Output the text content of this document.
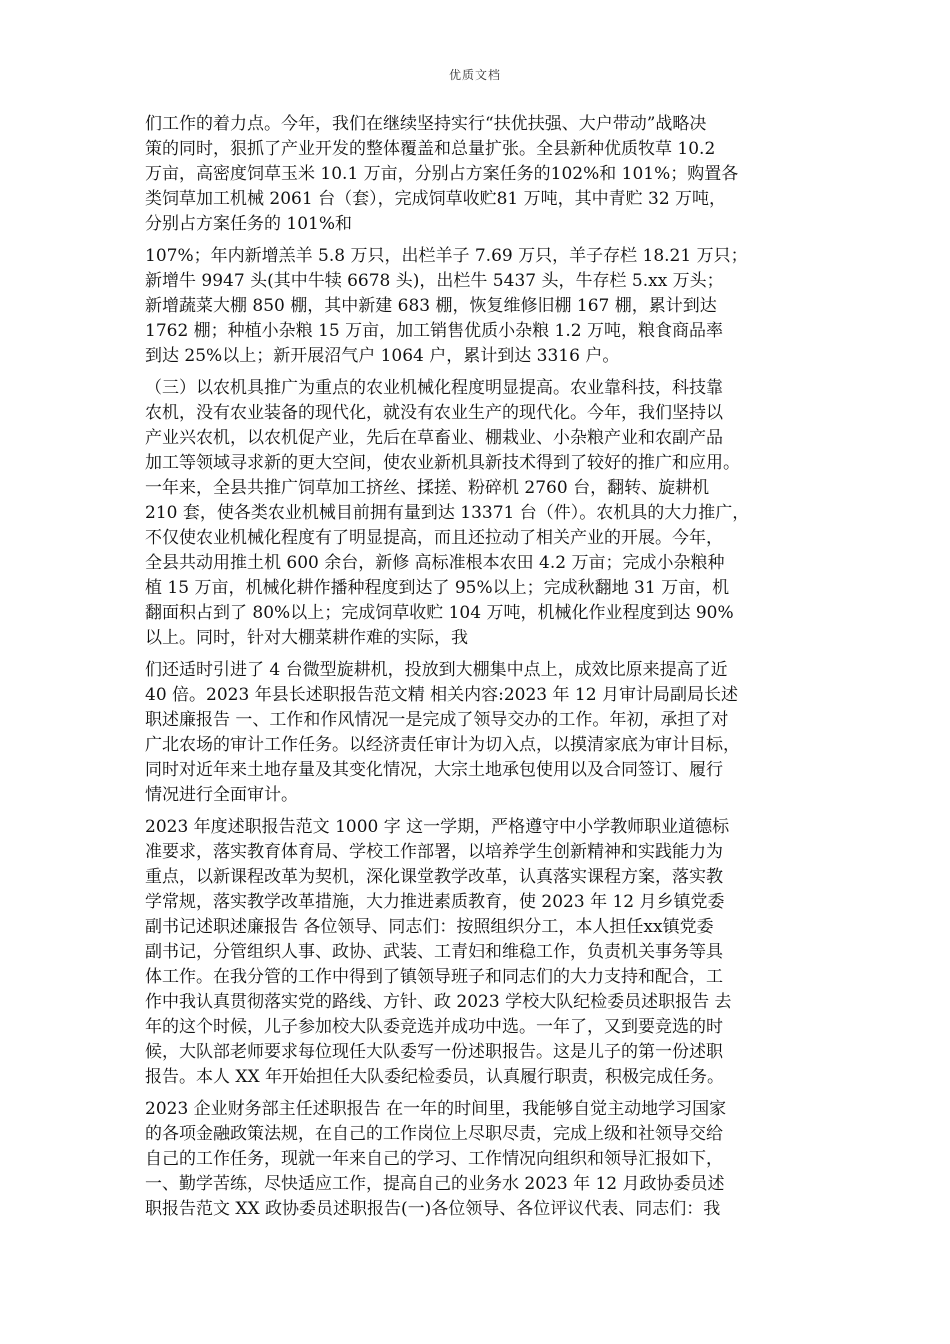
优质文档
们工作的着力点。今年，我们在继续坚持实行“扶优扶强、大户带动”战略决
策的同时，狠抓了产业开发的整体覆盖和总量扩张。全县新种优质牧草 10.2
万亩，高密度饲草玉米 10.1 万亩，分别占方案任务的102%和 101%；购置各
类饲草加工机械 2061 台（套），完成饲草收贮81 万吨，其中青贮 32 万吨，
分别占方案任务的 101%和
107%；年内新增羔羊 5.8 万只，出栏羊子 7.69 万只，羊子存栏 18.21 万只；
新增牛 9947 头(其中牛犊 6678 头)，出栏牛 5437 头，牛存栏 5.xx 万头；
新增蔬菜大棚 850 棚，其中新建 683 棚，恢复维修旧棚 167 棚，累计到达
1762 棚；种植小杂粮 15 万亩，加工销售优质小杂粮 1.2 万吨，粮食商品率
到达 25%以上；新开展沼气户 1064 户，累计到达 3316 户。
（三）以农机具推广为重点的农业机械化程度明显提高。农业靠科技，科技靠
农机，没有农业装备的现代化，就没有农业生产的现代化。今年，我们坚持以
产业兴农机，以农机促产业，先后在草畜业、棚栽业、小杂粮产业和农副产品
加工等领域寻求新的更大空间，使农业新机具新技术得到了较好的推广和应用。
一年来，全县共推广饲草加工挤丝、揉搓、粉碎机 2760 台，翻转、旋耕机
210 套，使各类农业机械目前拥有量到达 13371 台（件）。农机具的大力推广，
不仅使农业机械化程度有了明显提高，而且还拉动了相关产业的开展。今年，
全县共动用推土机 600 余台，新修 高标准根本农田 4.2 万亩；完成小杂粮种
植 15 万亩，机械化耕作播种程度到达了 95%以上；完成秋翻地 31 万亩，机
翻面积占到了 80%以上；完成饲草收贮 104 万吨，机械化作业程度到达 90%
以上。同时，针对大棚菜耕作难的实际，我
们还适时引进了 4 台微型旋耕机，投放到大棚集中点上，成效比原来提高了近
40 倍。2023 年县长述职报告范文精 相关内容:2023 年 12 月审计局副局长述
职述廉报告 一、工作和作风情况一是完成了领导交办的工作。年初，承担了对
广北农场的审计工作任务。以经济责任审计为切入点，以摸清家底为审计目标，
同时对近年来土地存量及其变化情况，大宗土地承包使用以及合同签订、履行
情况进行全面审计。
2023 年度述职报告范文 1000 字 这一学期，严格遵守中小学教师职业道德标
准要求，落实教育体育局、学校工作部署，以培养学生创新精神和实践能力为
重点，以新课程改革为契机，深化课堂教学改革，认真落实课程方案，落实教
学常规，落实教学改革措施，大力推进素质教育，使 2023 年 12 月乡镇党委
副书记述职述廉报告 各位领导、同志们：按照组织分工，本人担任xx镇党委
副书记，分管组织人事、政协、武装、工青妇和维稳工作，负责机关事务等具
体工作。在我分管的工作中得到了镇领导班子和同志们的大力支持和配合，工
作中我认真贯彻落实党的路线、方针、政 2023 学校大队纪检委员述职报告 去
年的这个时候，儿子参加校大队委竞选并成功中选。一年了，又到要竞选的时
候，大队部老师要求每位现任大队委写一份述职报告。这是儿子的第一份述职
报告。本人 XX 年开始担任大队委纪检委员，认真履行职责，积极完成任务。
2023 企业财务部主任述职报告 在一年的时间里，我能够自觉主动地学习国家
的各项金融政策法规，在自己的工作岗位上尽职尽责，完成上级和社领导交给
自己的工作任务，现就一年来自己的学习、工作情况向组织和领导汇报如下，
一、勤学苦练，尽快适应工作，提高自己的业务水 2023 年 12 月政协委员述
职报告范文 XX 政协委员述职报告(一)各位领导、各位评议代表、同志们：我
